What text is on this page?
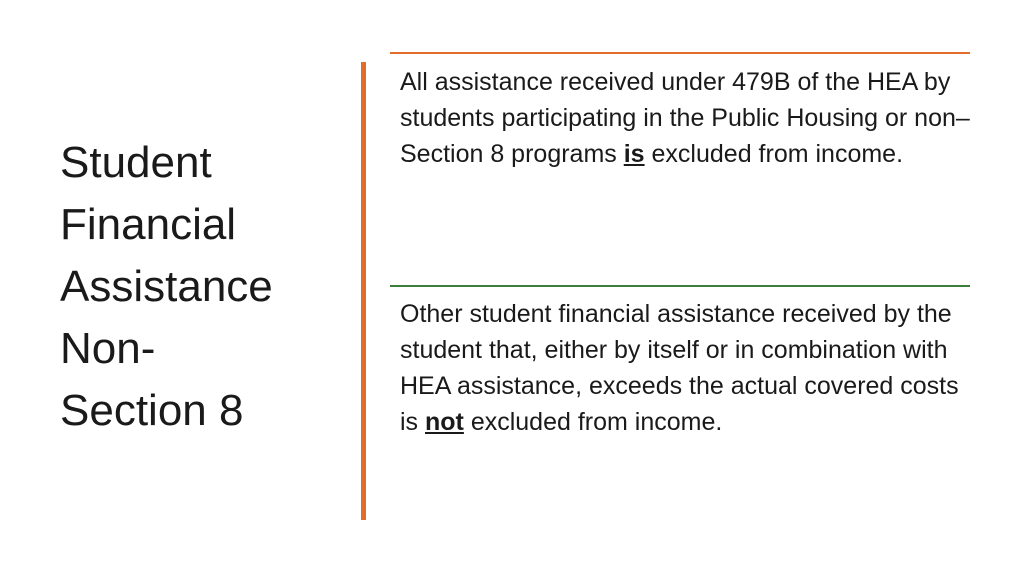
Student
Financial
Assistance
Non-
Section 8
All assistance received under 479B of the HEA by students participating in the Public Housing or non–Section 8 programs is excluded from income.
Other student financial assistance received by the student that, either by itself or in combination with HEA assistance, exceeds the actual covered costs is not excluded from income.
